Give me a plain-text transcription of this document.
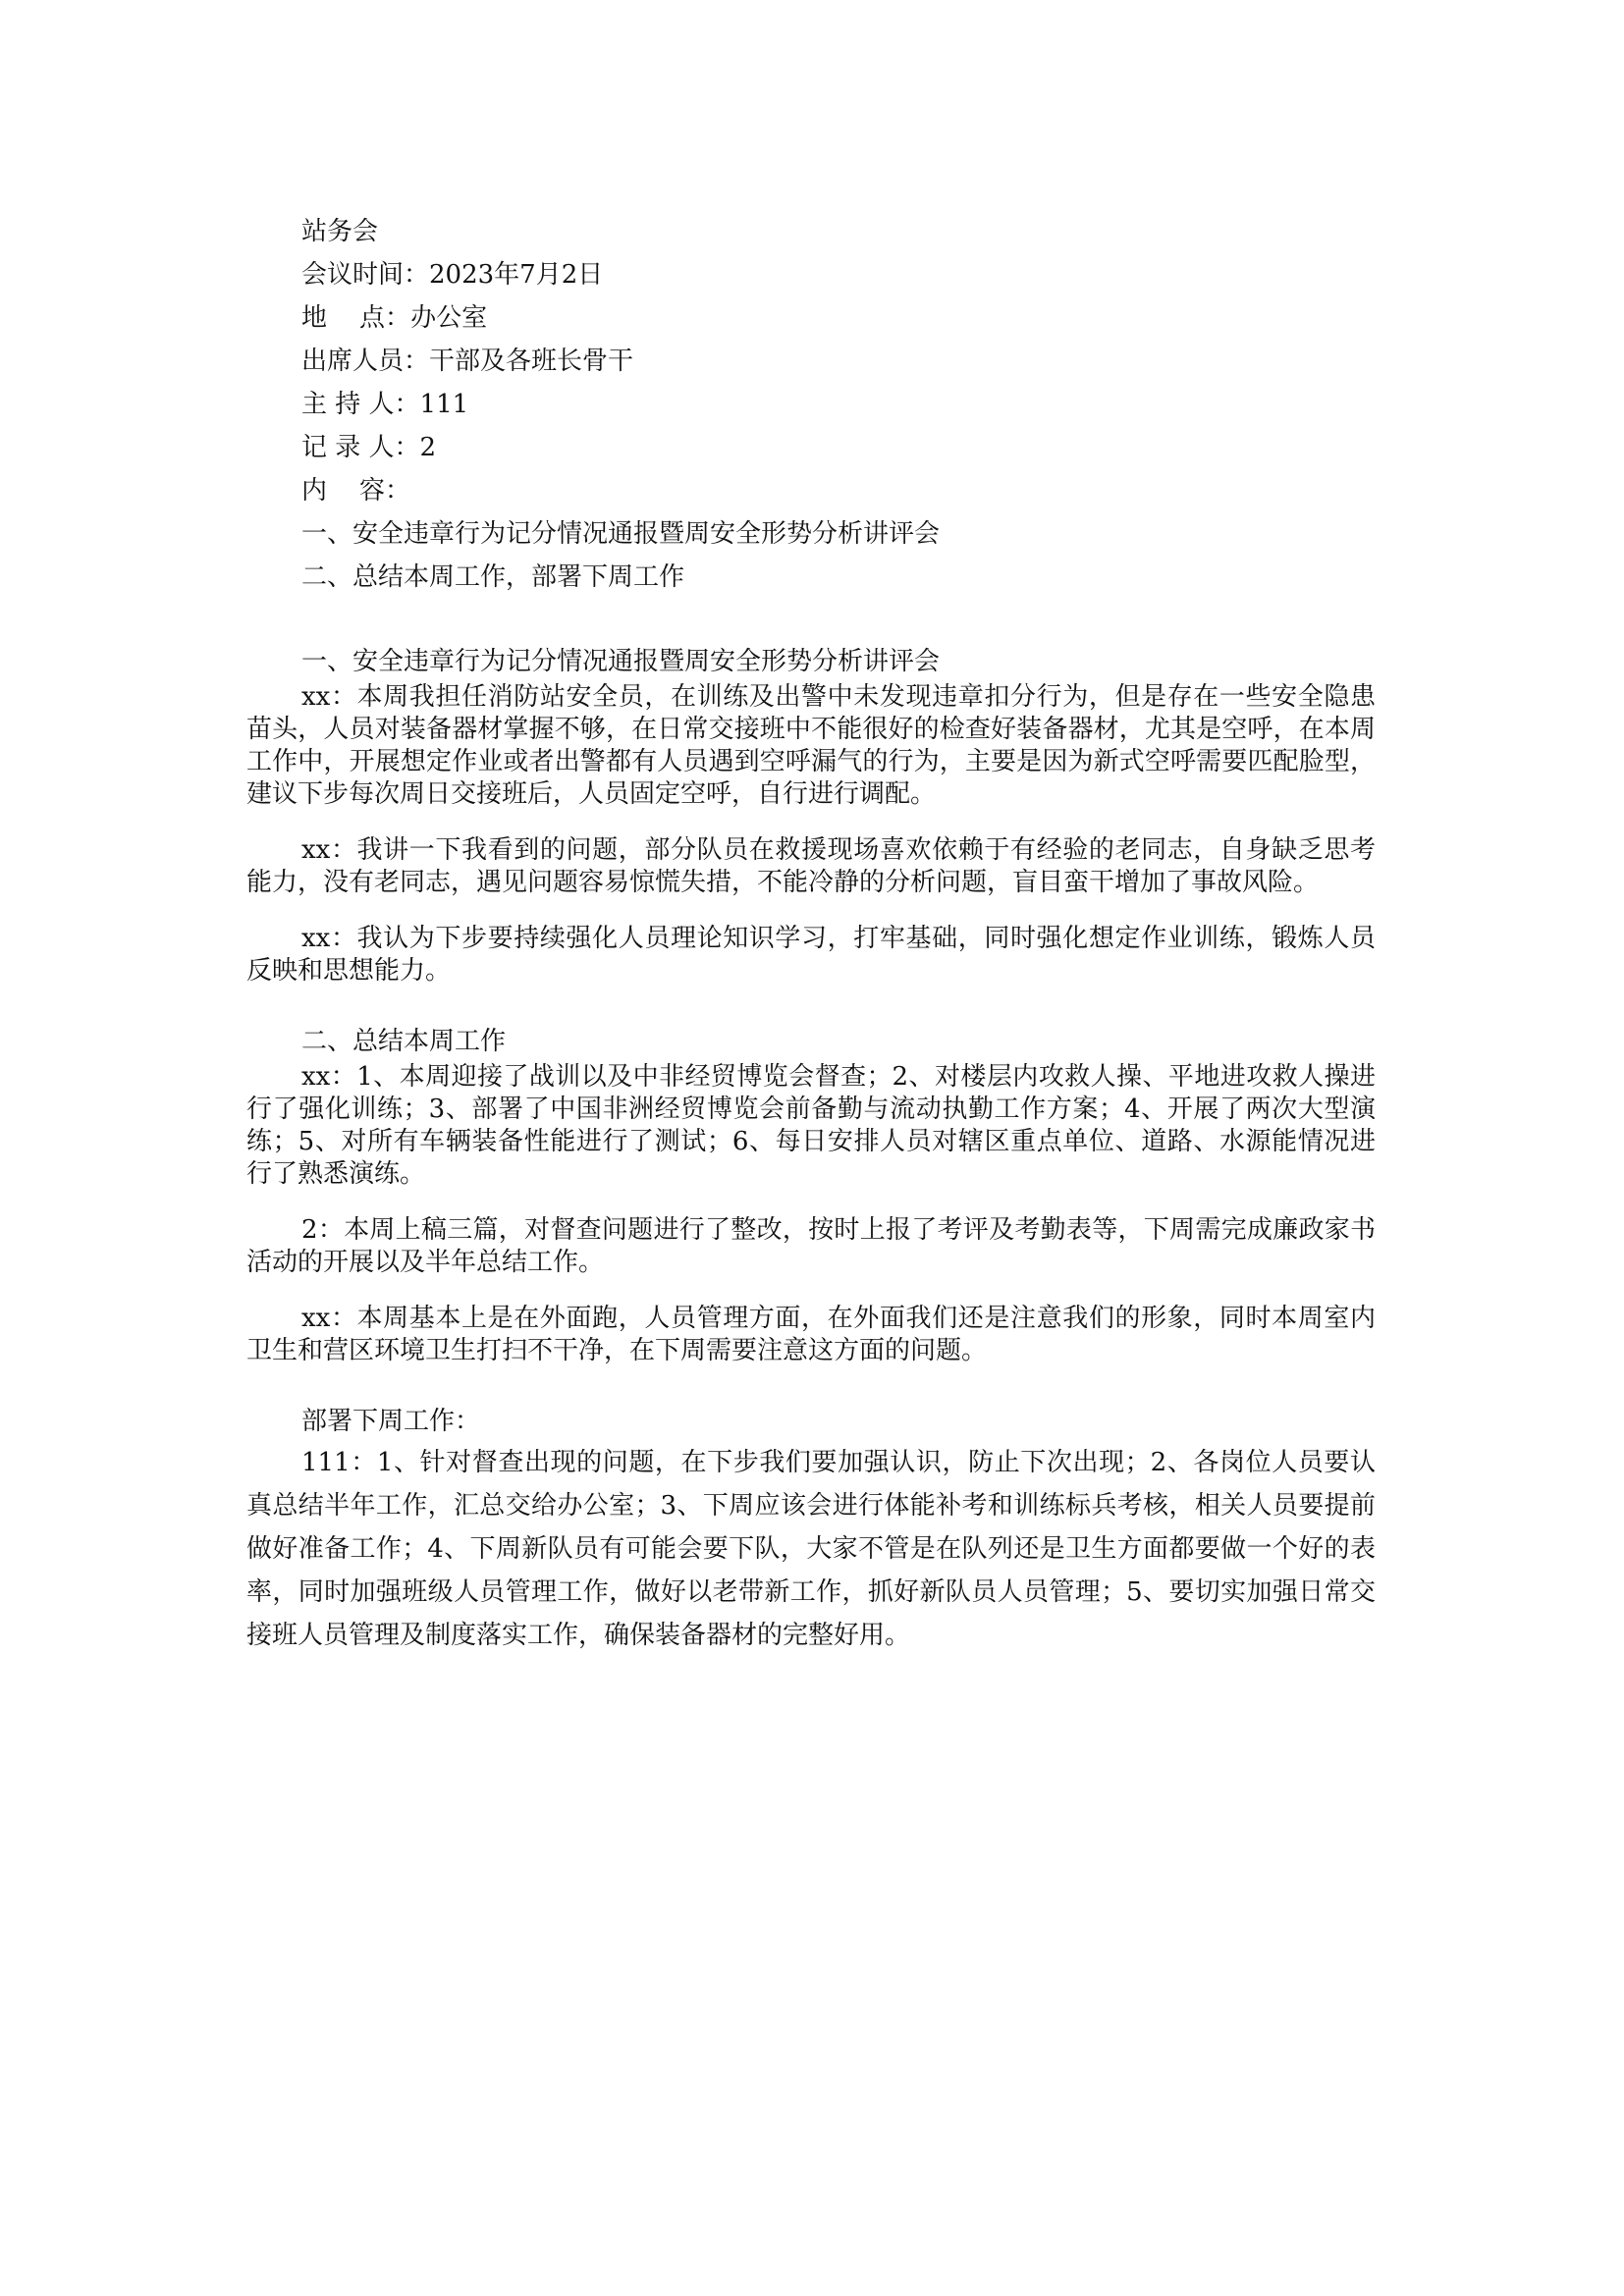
站务会
会议时间：2023年7月2日
地    点：办公室
出席人员：干部及各班长骨干
主 持 人：111
记 录 人：2
内    容：
一、安全违章行为记分情况通报暨周安全形势分析讲评会
二、总结本周工作，部署下周工作
一、安全违章行为记分情况通报暨周安全形势分析讲评会

xx：本周我担任消防站安全员，在训练及出警中未发现违章扣分行为，但是存在一些安全隐患苗头，人员对装备器材掌握不够，在日常交接班中不能很好的检查好装备器材，尤其是空呼，在本周工作中，开展想定作业或者出警都有人员遇到空呼漏气的行为，主要是因为新式空呼需要匹配脸型，建议下步每次周日交接班后，人员固定空呼，自行进行调配。

xx：我讲一下我看到的问题，部分队员在救援现场喜欢依赖于有经验的老同志，自身缺乏思考能力，没有老同志，遇见问题容易惊慌失措，不能冷静的分析问题，盲目蛮干增加了事故风险。

xx：我认为下步要持续强化人员理论知识学习，打牢基础，同时强化想定作业训练，锻炼人员反映和思想能力。

二、总结本周工作

xx：1、本周迎接了战训以及中非经贸博览会督查；2、对楼层内攻救人操、平地进攻救人操进行了强化训练；3、部署了中国非洲经贸博览会前备勤与流动执勤工作方案；4、开展了两次大型演练；5、对所有车辆装备性能进行了测试；6、每日安排人员对辖区重点单位、道路、水源能情况进行了熟悉演练。

2：本周上稿三篇，对督查问题进行了整改，按时上报了考评及考勤表等，下周需完成廉政家书活动的开展以及半年总结工作。

xx：本周基本上是在外面跑，人员管理方面，在外面我们还是注意我们的形象，同时本周室内卫生和营区环境卫生打扫不干净，在下周需要注意这方面的问题。

部署下周工作：

111：1、针对督查出现的问题，在下步我们要加强认识，防止下次出现；2、各岗位人员要认真总结半年工作，汇总交给办公室；3、下周应该会进行体能补考和训练标兵考核，相关人员要提前做好准备工作；4、下周新队员有可能会要下队，大家不管是在队列还是卫生方面都要做一个好的表率，同时加强班级人员管理工作，做好以老带新工作，抓好新队员人员管理；5、要切实加强日常交接班人员管理及制度落实工作，确保装备器材的完整好用。
